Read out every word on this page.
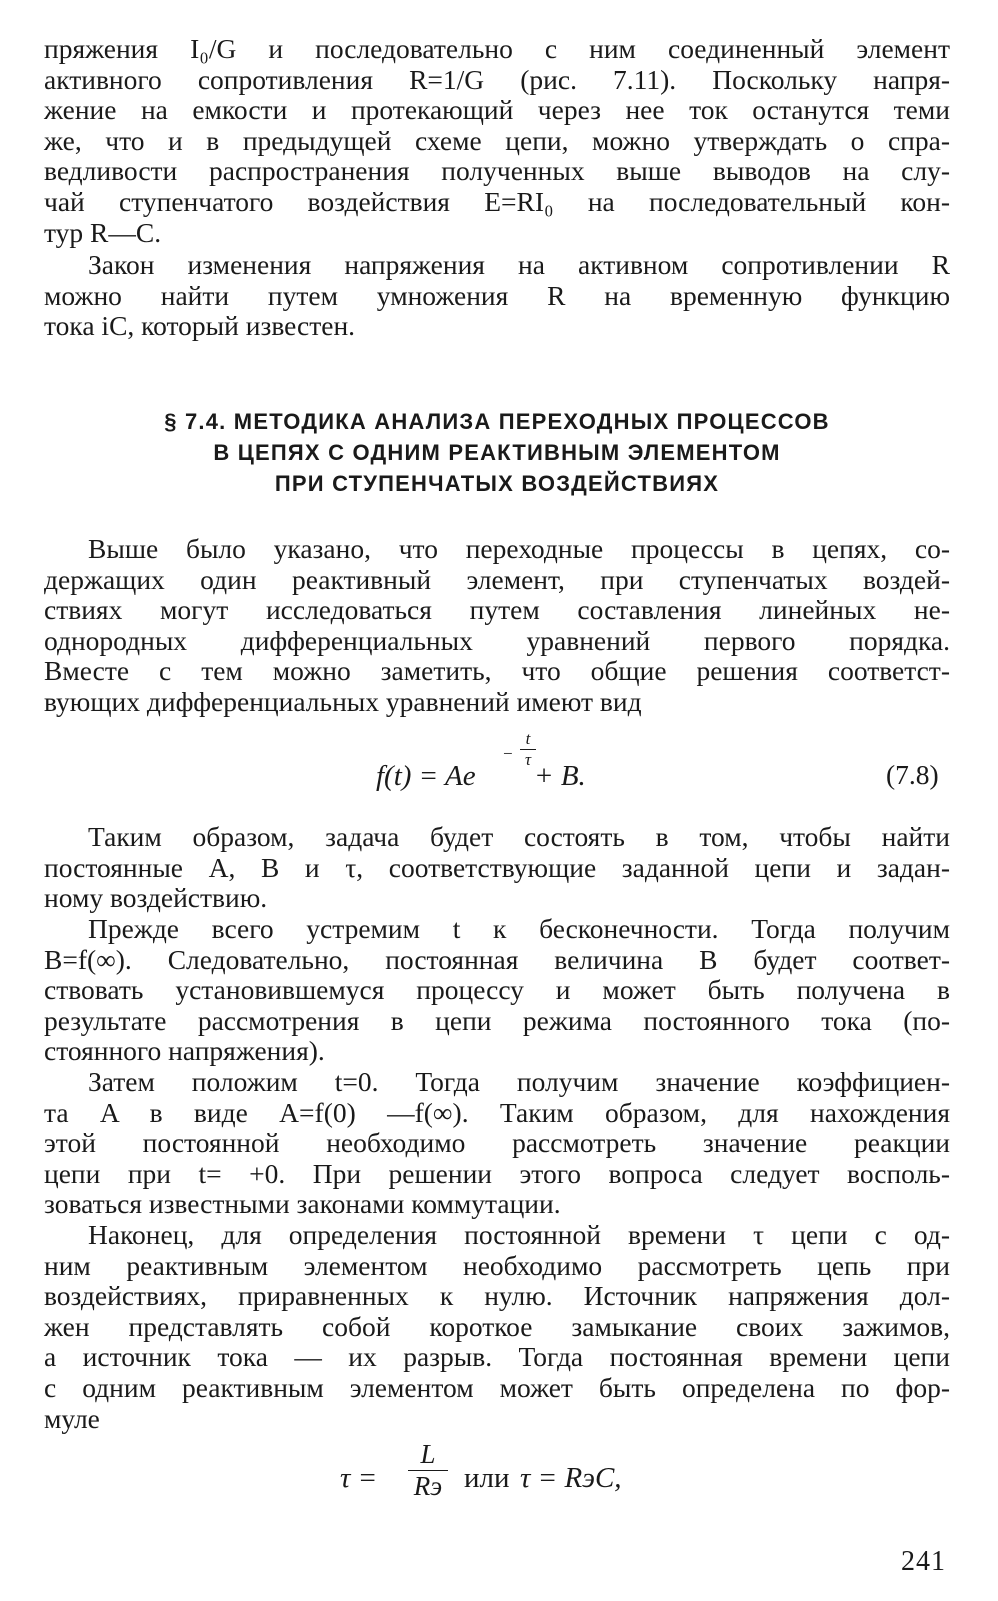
пряжения I₀/G и последовательно с ним соединенный элемент
активного сопротивления R=1/G (рис. 7.11). Поскольку напря-
жение на емкости и протекающий через нее ток останутся теми
же, что и в предыдущей схеме цепи, можно утверждать о спра-
ведливости распространения полученных выше выводов на слу-
чай ступенчатого воздействия E=RI₀ на последовательный кон-
тур R—C.
Закон изменения напряжения на активном сопротивлении R
можно найти путем умножения R на временную функцию
тока iC, который известен.
§ 7.4. МЕТОДИКА АНАЛИЗА ПЕРЕХОДНЫХ ПРОЦЕССОВ
В ЦЕПЯХ С ОДНИМ РЕАКТИВНЫМ ЭЛЕМЕНТОМ
ПРИ СТУПЕНЧАТЫХ ВОЗДЕЙСТВИЯХ
Выше было указано, что переходные процессы в цепях, со-
держащих один реактивный элемент, при ступенчатых воздей-
ствиях могут исследоваться путем составления линейных не-
однородных дифференциальных уравнений первого порядка.
Вместе с тем можно заметить, что общие решения соответст-
вующих дифференциальных уравнений имеют вид
f(t) = Ae
− $\frac{t}{\tau}$
+ B.	(7.8)
Таким образом, задача будет состоять в том, чтобы найти
постоянные A, B и τ, соответствующие заданной цепи и задан-
ному воздействию.
Прежде всего устремим t к бесконечности. Тогда получим
B=f(∞). Следовательно, постоянная величина B будет соответ-
ствовать установившемуся процессу и может быть получена в
результате рассмотрения в цепи режима постоянного тока (по-
стоянного напряжения).
Затем положим t=0. Тогда получим значение коэффициен-
та A в виде A=f(0) —f(∞). Таким образом, для нахождения
этой постоянной необходимо рассмотреть значение реакции
цепи при t= +0. При решении этого вопроса следует восполь-
зоваться известными законами коммутации.
Наконец, для определения постоянной времени τ цепи с од-
ним реактивным элементом необходимо рассмотреть цепь при
воздействиях, приравненных к нулю. Источник напряжения дол-
жен представлять собой короткое замыкание своих зажимов,
а источник тока — их разрыв. Тогда постоянная времени цепи
с одним реактивным элементом может быть определена по фор-
муле
τ =
L
Rэ или τ = RэC,
241
